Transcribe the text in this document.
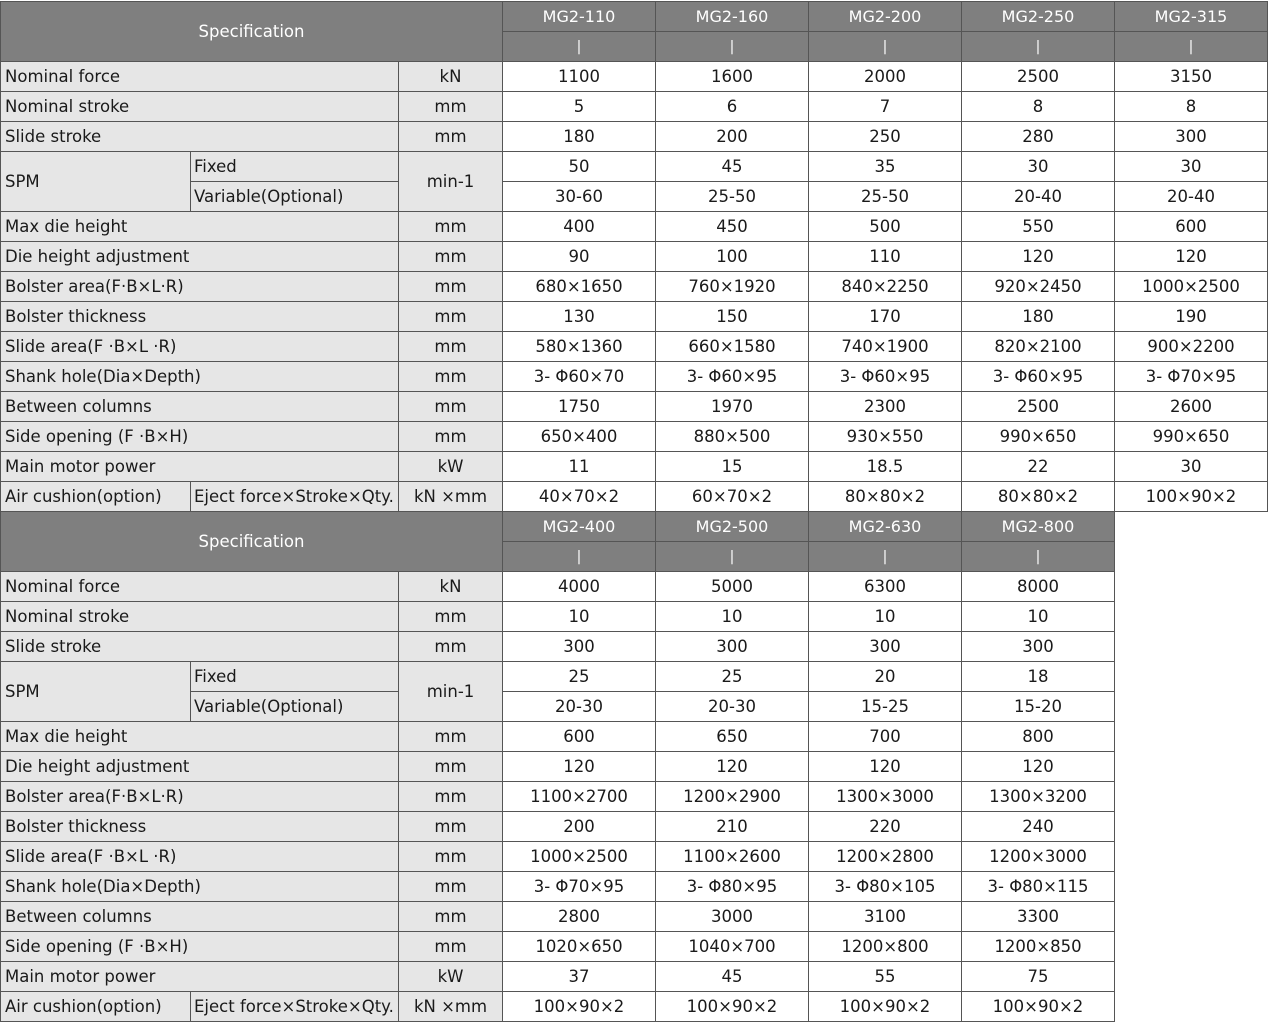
Specification			MG2-110	MG2-160	MG2-200	MG2-250	MG2-315
			|	|	|	|	|
Nominal force		kN	1100	1600	2000	2500	3150
Nominal stroke		mm	5	6	7	8	8
Slide stroke		mm	180	200	250	280	300
SPM	Fixed	min-1	50	45	35	30	30
	Variable(Optional)		30-60	25-50	25-50	20-40	20-40
Max die height		mm	400	450	500	550	600
Die height adjustment		mm	90	100	110	120	120
Bolster area(F·B×L·R)		mm	680×1650	760×1920	840×2250	920×2450	1000×2500
Bolster thickness		mm	130	150	170	180	190
Slide area(F ·B×L ·R)		mm	580×1360	660×1580	740×1900	820×2100	900×2200
Shank hole(Dia×Depth)		mm	3- Φ60×70	3- Φ60×95	3- Φ60×95	3- Φ60×95	3- Φ70×95
Between columns		mm	1750	1970	2300	2500	2600
Side opening (F ·B×H)		mm	650×400	880×500	930×550	990×650	990×650
Main motor power		kW	11	15	18.5	22	30
Air cushion(option)	Eject force×Stroke×Qty.	kN ×mm	40×70×2	60×70×2	80×80×2	80×80×2	100×90×2
Specification			MG2-400	MG2-500	MG2-630	MG2-800
			|	|	|	|
Nominal force		kN	4000	5000	6300	8000
Nominal stroke		mm	10	10	10	10
Slide stroke		mm	300	300	300	300
SPM	Fixed	min-1	25	25	20	18
	Variable(Optional)		20-30	20-30	15-25	15-20
Max die height		mm	600	650	700	800
Die height adjustment		mm	120	120	120	120
Bolster area(F·B×L·R)		mm	1100×2700	1200×2900	1300×3000	1300×3200
Bolster thickness		mm	200	210	220	240
Slide area(F ·B×L ·R)		mm	1000×2500	1100×2600	1200×2800	1200×3000
Shank hole(Dia×Depth)		mm	3- Φ70×95	3- Φ80×95	3- Φ80×105	3- Φ80×115
Between columns		mm	2800	3000	3100	3300
Side opening (F ·B×H)		mm	1020×650	1040×700	1200×800	1200×850
Main motor power		kW	37	45	55	75
Air cushion(option)	Eject force×Stroke×Qty.	kN ×mm	100×90×2	100×90×2	100×90×2	100×90×2
